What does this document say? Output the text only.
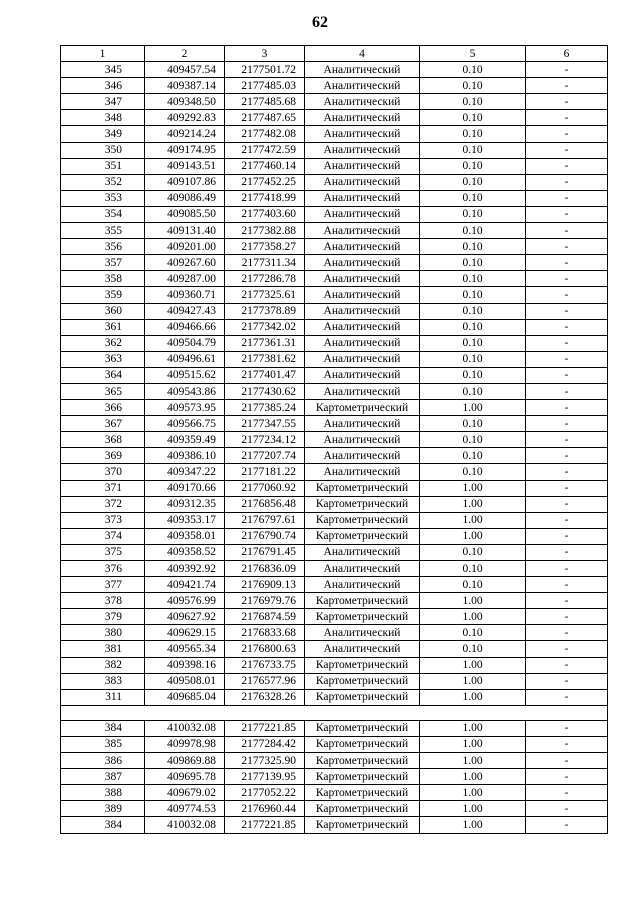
62
1	2	3	4	5	6
345	409457.54	2177501.72	Аналитический	0.10	-
346	409387.14	2177485.03	Аналитический	0.10	-
347	409348.50	2177485.68	Аналитический	0.10	-
348	409292.83	2177487.65	Аналитический	0.10	-
349	409214.24	2177482.08	Аналитический	0.10	-
350	409174.95	2177472.59	Аналитический	0.10	-
351	409143.51	2177460.14	Аналитический	0.10	-
352	409107.86	2177452.25	Аналитический	0.10	-
353	409086.49	2177418.99	Аналитический	0.10	-
354	409085.50	2177403.60	Аналитический	0.10	-
355	409131.40	2177382.88	Аналитический	0.10	-
356	409201.00	2177358.27	Аналитический	0.10	-
357	409267.60	2177311.34	Аналитический	0.10	-
358	409287.00	2177286.78	Аналитический	0.10	-
359	409360.71	2177325.61	Аналитический	0.10	-
360	409427.43	2177378.89	Аналитический	0.10	-
361	409466.66	2177342.02	Аналитический	0.10	-
362	409504.79	2177361.31	Аналитический	0.10	-
363	409496.61	2177381.62	Аналитический	0.10	-
364	409515.62	2177401.47	Аналитический	0.10	-
365	409543.86	2177430.62	Аналитический	0.10	-
366	409573.95	2177385.24	Картометрический	1.00	-
367	409566.75	2177347.55	Аналитический	0.10	-
368	409359.49	2177234.12	Аналитический	0.10	-
369	409386.10	2177207.74	Аналитический	0.10	-
370	409347.22	2177181.22	Аналитический	0.10	-
371	409170.66	2177060.92	Картометрический	1.00	-
372	409312.35	2176856.48	Картометрический	1.00	-
373	409353.17	2176797.61	Картометрический	1.00	-
374	409358.01	2176790.74	Картометрический	1.00	-
375	409358.52	2176791.45	Аналитический	0.10	-
376	409392.92	2176836.09	Аналитический	0.10	-
377	409421.74	2176909.13	Аналитический	0.10	-
378	409576.99	2176979.76	Картометрический	1.00	-
379	409627.92	2176874.59	Картометрический	1.00	-
380	409629.15	2176833.68	Аналитический	0.10	-
381	409565.34	2176800.63	Аналитический	0.10	-
382	409398.16	2176733.75	Картометрический	1.00	-
383	409508.01	2176577.96	Картометрический	1.00	-
311	409685.04	2176328.26	Картометрический	1.00	-

384	410032.08	2177221.85	Картометрический	1.00	-
385	409978.98	2177284.42	Картометрический	1.00	-
386	409869.88	2177325.90	Картометрический	1.00	-
387	409695.78	2177139.95	Картометрический	1.00	-
388	409679.02	2177052.22	Картометрический	1.00	-
389	409774.53	2176960.44	Картометрический	1.00	-
384	410032.08	2177221.85	Картометрический	1.00	-
